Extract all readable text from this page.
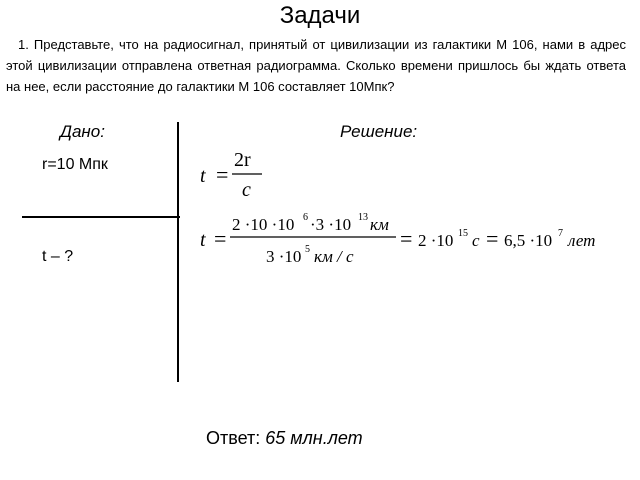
Задачи
1. Представьте, что на радиосигнал, принятый от цивилизации из галактики М 106, нами в адрес этой цивилизации отправлена ответная радиограмма. Сколько времени пришлось бы ждать ответа на нее, если расстояние до галактики М 106 составляет 10Мпк?
Дано:	Решение:
r=10 Мпк
t – ?
t =
2r
c
t =
2 ·10 ·10 6 ·3 ·10 13 км
3 ·10 5 км / с
= 2 ·10 15 с = 6,5 ·10 7 лет
Ответ: 65 млн.лет
